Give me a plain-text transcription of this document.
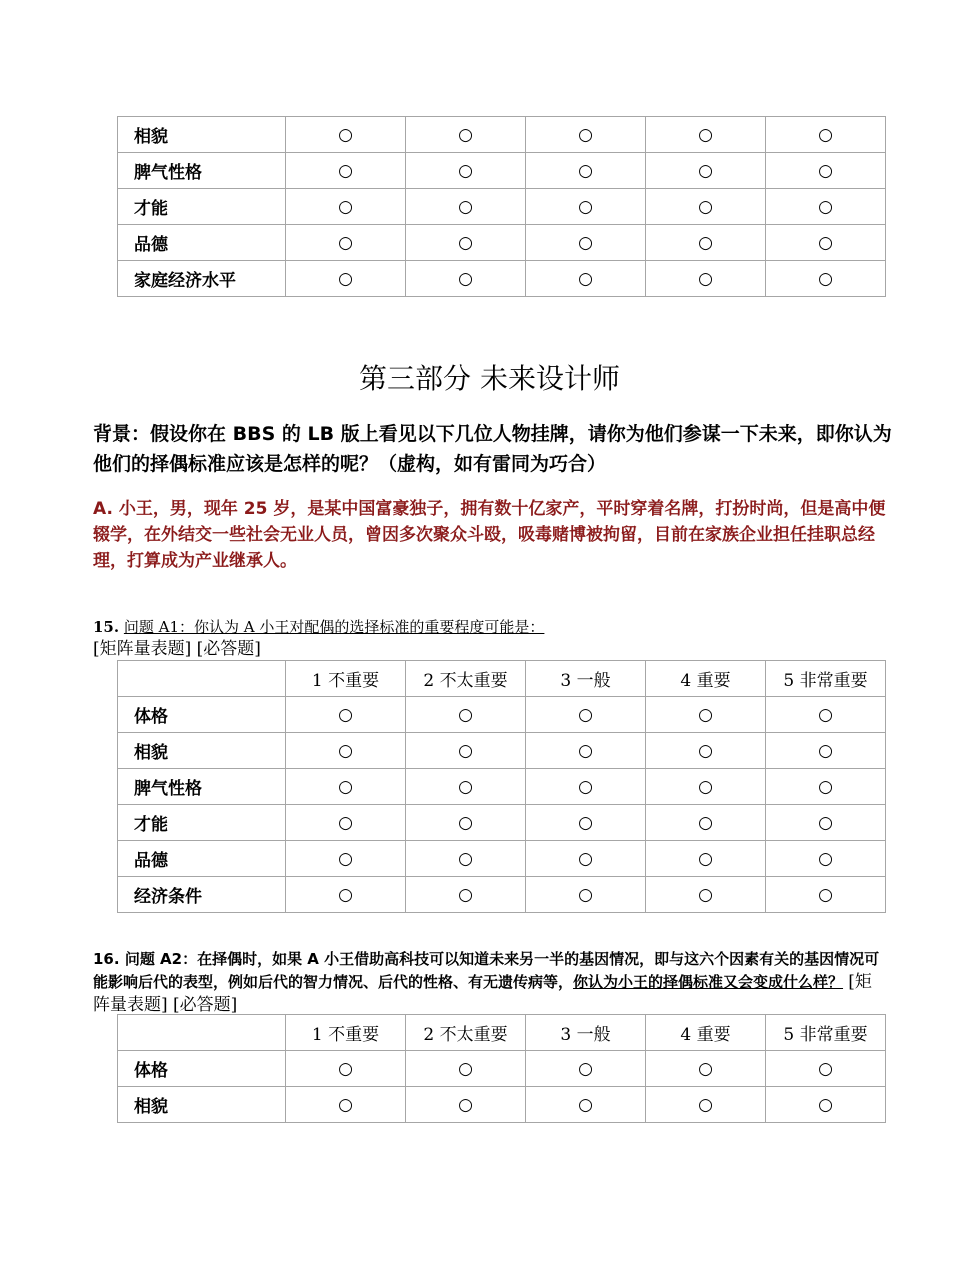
相貌	○	○	○	○	○
脾气性格	○	○	○	○	○
才能	○	○	○	○	○
品德	○	○	○	○	○
家庭经济水平	○	○	○	○	○
第三部分 未来设计师
背景：假设你在 BBS 的 LB 版上看见以下几位人物挂牌，请你为他们参谋一下未来，即你认为他们的择偶标准应该是怎样的呢？（虚构，如有雷同为巧合）
A. 小王，男，现年 25 岁，是某中国富豪独子，拥有数十亿家产，平时穿着名牌，打扮时尚，但是高中便辍学，在外结交一些社会无业人员，曾因多次聚众斗殴，吸毒赌博被拘留，目前在家族企业担任挂职总经理，打算成为产业继承人。
15. 问题 A1：你认为 A 小王对配偶的选择标准的重要程度可能是：
[矩阵量表题] [必答题]
	1 不重要	2 不太重要	3 一般	4 重要	5 非常重要
体格	○	○	○	○	○
相貌	○	○	○	○	○
脾气性格	○	○	○	○	○
才能	○	○	○	○	○
品德	○	○	○	○	○
经济条件	○	○	○	○	○
16. 问题 A2：在择偶时，如果 A 小王借助高科技可以知道未来另一半的基因情况，即与这六个因素有关的基因情况可能影响后代的表型，例如后代的智力情况、后代的性格、有无遗传病等，你认为小王的择偶标准又会变成什么样？ [矩阵量表题] [必答题]
	1 不重要	2 不太重要	3 一般	4 重要	5 非常重要
体格	○	○	○	○	○
相貌	○	○	○	○	○
